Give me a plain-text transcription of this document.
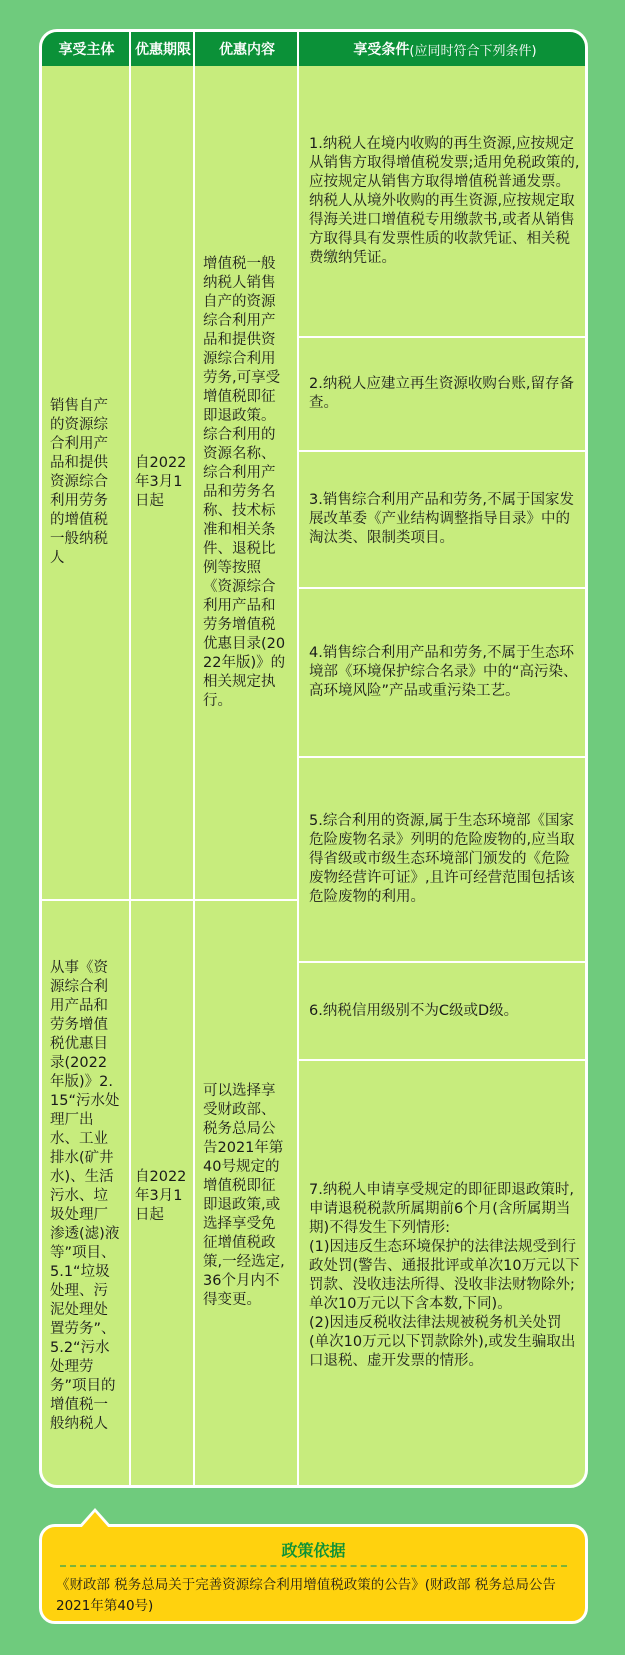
享受主体 优惠期限 优惠内容	享受条件 (应同时符合下列条件)
销售自产的资源综合利用产品和提供资源综合利用劳务的增值税一般纳税人
自2022年3月1日起
增值税一般纳税人销售自产的资源综合利用产品和提供资源综合利用劳务,可享受增值税即征即退政策。综合利用的资源名称、综合利用产品和劳务名称、技术标准和相关条件、退税比例等按照《资源综合利用产品和劳务增值税优惠目录(2022年版)》的相关规定执行。
从事《资源综合利用产品和劳务增值税优惠目录(2022年版)》2.15“污水处理厂出水、工业排水(矿井水)、生活污水、垃圾处理厂渗透(滤)液等”项目、5.1“垃圾处理、污泥处理处置劳务”、5.2“污水处理劳务”项目的增值税一般纳税人
自2022年3月1日起
可以选择享受财政部、税务总局公告2021年第40号规定的增值税即征即退政策,或选择享受免征增值税政策,一经选定,36个月内不得变更。
1.纳税人在境内收购的再生资源,应按规定从销售方取得增值税发票;适用免税政策的,应按规定从销售方取得增值税普通发票。
纳税人从境外收购的再生资源,应按规定取得海关进口增值税专用缴款书,或者从销售方取得具有发票性质的收款凭证、相关税费缴纳凭证。
2.纳税人应建立再生资源收购台账,留存备查。
3.销售综合利用产品和劳务,不属于国家发展改革委《产业结构调整指导目录》中的淘汰类、限制类项目。
4.销售综合利用产品和劳务,不属于生态环境部《环境保护综合名录》中的“高污染、高环境风险”产品或重污染工艺。
5.综合利用的资源,属于生态环境部《国家危险废物名录》列明的危险废物的,应当取得省级或市级生态环境部门颁发的《危险废物经营许可证》,且许可经营范围包括该危险废物的利用。
6.纳税信用级别不为C级或D级。
7.纳税人申请享受规定的即征即退政策时,申请退税税款所属期前6个月(含所属期当期)不得发生下列情形:
(1)因违反生态环境保护的法律法规受到行政处罚(警告、通报批评或单次10万元以下罚款、没收违法所得、没收非法财物除外;单次10万元以下含本数,下同)。
(2)因违反税收法律法规被税务机关处罚(单次10万元以下罚款除外),或发生骗取出口退税、虚开发票的情形。
政策依据
《财政部 税务总局关于完善资源综合利用增值税政策的公告》(财政部 税务总局公告2021年第40号)
